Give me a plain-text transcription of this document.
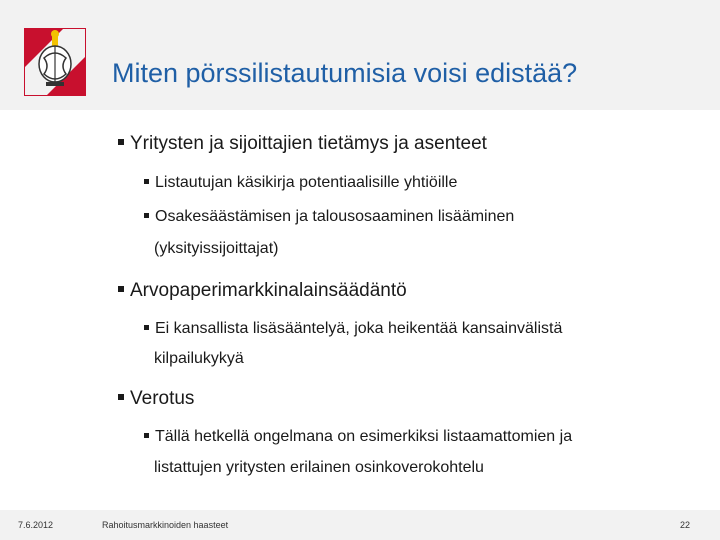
Miten pörssilistautumisia voisi edistää?
Yritysten ja sijoittajien tietämys ja asenteet
Listautujan käsikirja potentiaalisille yhtiöille
Osakesäästämisen ja talousosaaminen lisääminen
(yksityissijoittajat)
Arvopaperimarkkinalainsäädäntö
Ei kansallista lisäsääntelyä, joka heikentää kansainvälistä
kilpailukykyä
Verotus
Tällä hetkellä ongelmana on esimerkiksi listaamattomien ja
listattujen yritysten erilainen osinkoverokohtelu
7.6.2012	Rahoitusmarkkinoiden haasteet	22
